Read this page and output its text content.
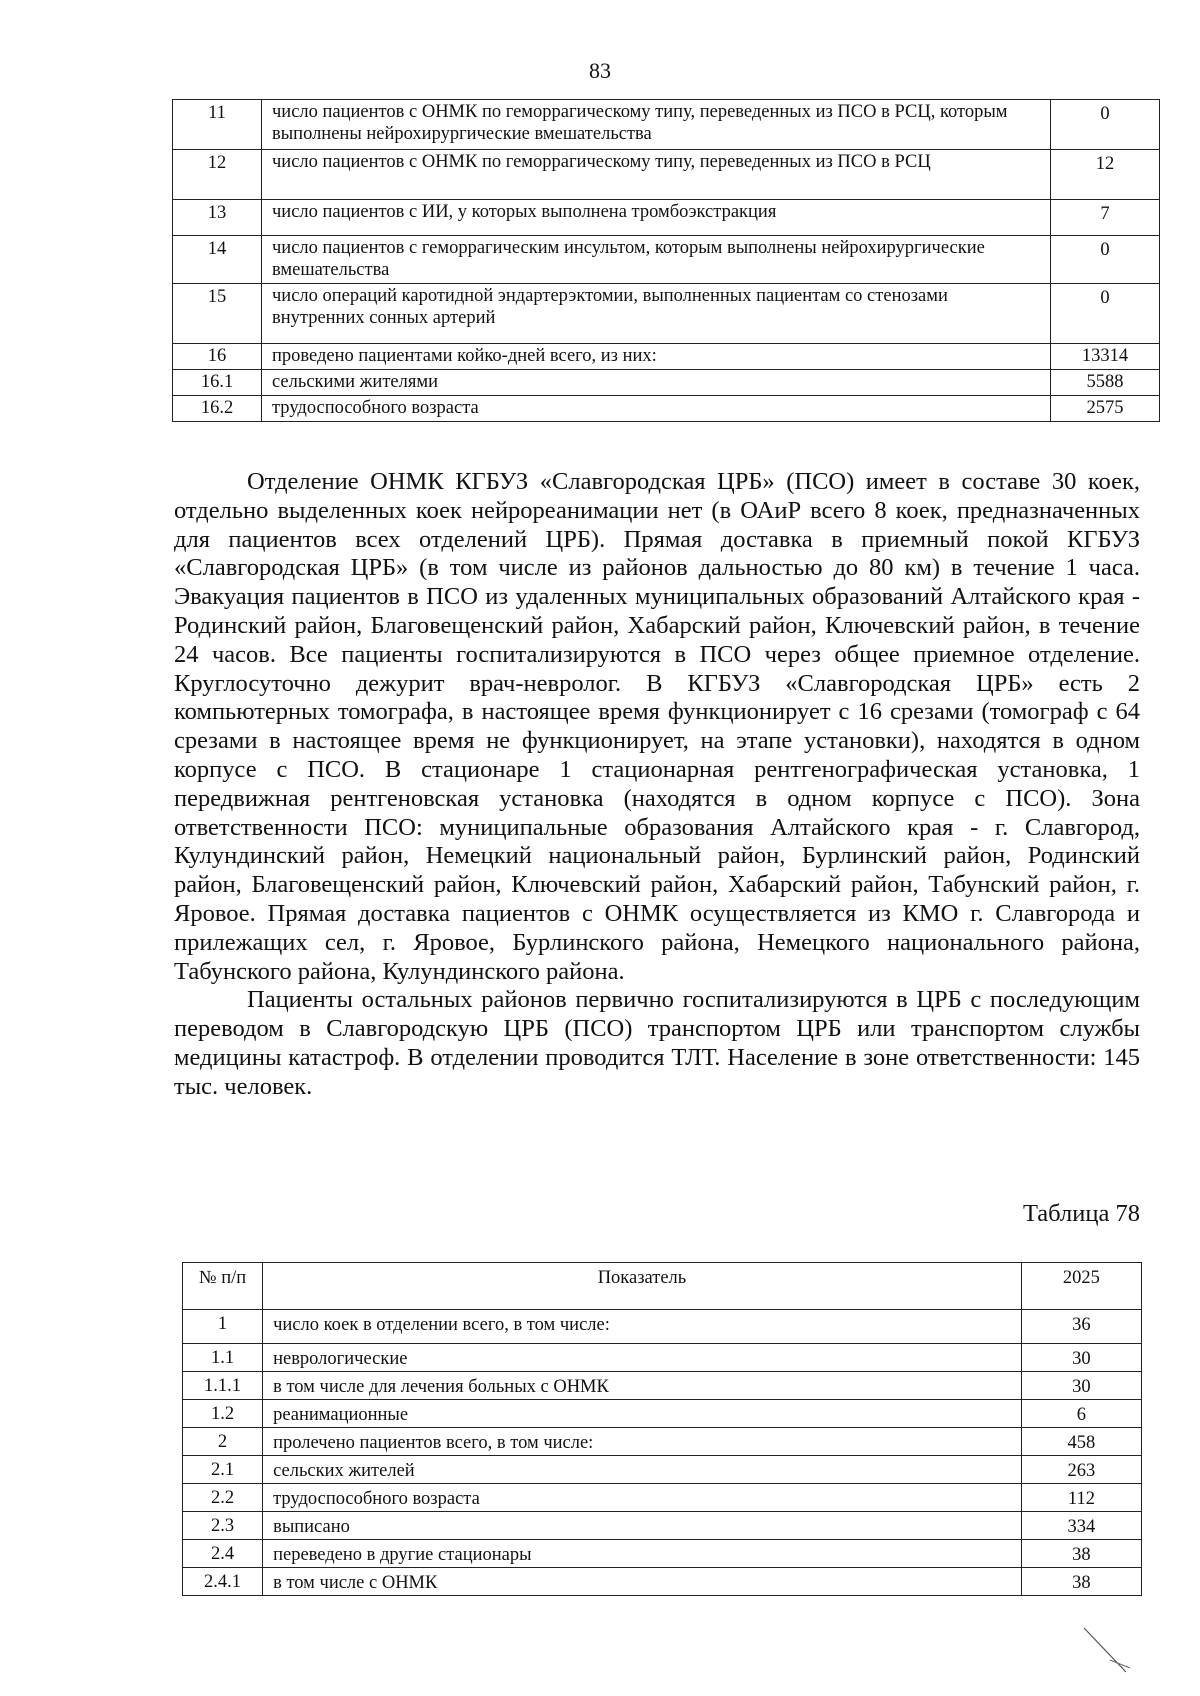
83
11	число пациентов с ОНМК по геморрагическому типу, переведенных из ПСО в РСЦ, которым выполнены нейрохирургические вмешательства	0
12	число пациентов с ОНМК по геморрагическому типу, переведенных из ПСО в РСЦ	12
13	число пациентов с ИИ, у которых выполнена тромбоэкстракция	7
14	число пациентов с геморрагическим инсультом, которым выполнены нейрохирургические вмешательства	0
15	число операций каротидной эндартерэктомии, выполненных пациентам со стенозами внутренних сонных артерий	0
16	проведено пациентами койко-дней всего, из них:	13314
16.1	сельскими жителями	5588
16.2	трудоспособного возраста	2575

Отделение ОНМК КГБУЗ «Славгородская ЦРБ» (ПСО) имеет в составе 30 коек, отдельно выделенных коек нейрореанимации нет (в ОАиР всего 8 коек, предназначенных для пациентов всех отделений ЦРБ). Прямая доставка в приемный покой КГБУЗ «Славгородская ЦРБ» (в том числе из районов дальностью до 80 км) в течение 1 часа. Эвакуация пациентов в ПСО из удаленных муниципальных образований Алтайского края - Родинский район, Благовещенский район, Хабарский район, Ключевский район, в течение 24 часов. Все пациенты госпитализируются в ПСО через общее приемное отделение. Круглосуточно дежурит врач-невролог. В КГБУЗ «Славгородская ЦРБ» есть 2 компьютерных томографа, в настоящее время функционирует с 16 срезами (томограф с 64 срезами в настоящее время не функционирует, на этапе установки), находятся в одном корпусе с ПСО. В стационаре 1 стационарная рентгенографическая установка, 1 передвижная рентгеновская установка (находятся в одном корпусе с ПСО). Зона ответственности ПСО: муниципальные образования Алтайского края - г. Славгород, Кулундинский район, Немецкий национальный район, Бурлинский район, Родинский район, Благовещенский район, Ключевский район, Хабарский район, Табунский район, г. Яровое. Прямая доставка пациентов с ОНМК осуществляется из КМО г. Славгорода и прилежащих сел, г. Яровое, Бурлинского района, Немецкого национального района, Табунского района, Кулундинского района.

Пациенты остальных районов первично госпитализируются в ЦРБ с последующим переводом в Славгородскую ЦРБ (ПСО) транспортом ЦРБ или транспортом службы медицины катастроф. В отделении проводится ТЛТ. Население в зоне ответственности: 145 тыс. человек.

Таблица 78
№ п/п	Показатель	2025
1	число коек в отделении всего, в том числе:	36
1.1	неврологические	30
1.1.1	в том числе для лечения больных с ОНМК	30
1.2	реанимационные	6
2	пролечено пациентов всего, в том числе:	458
2.1	сельских жителей	263
2.2	трудоспособного возраста	112
2.3	выписано	334
2.4	переведено в другие стационары	38
2.4.1	в том числе с ОНМК	38
